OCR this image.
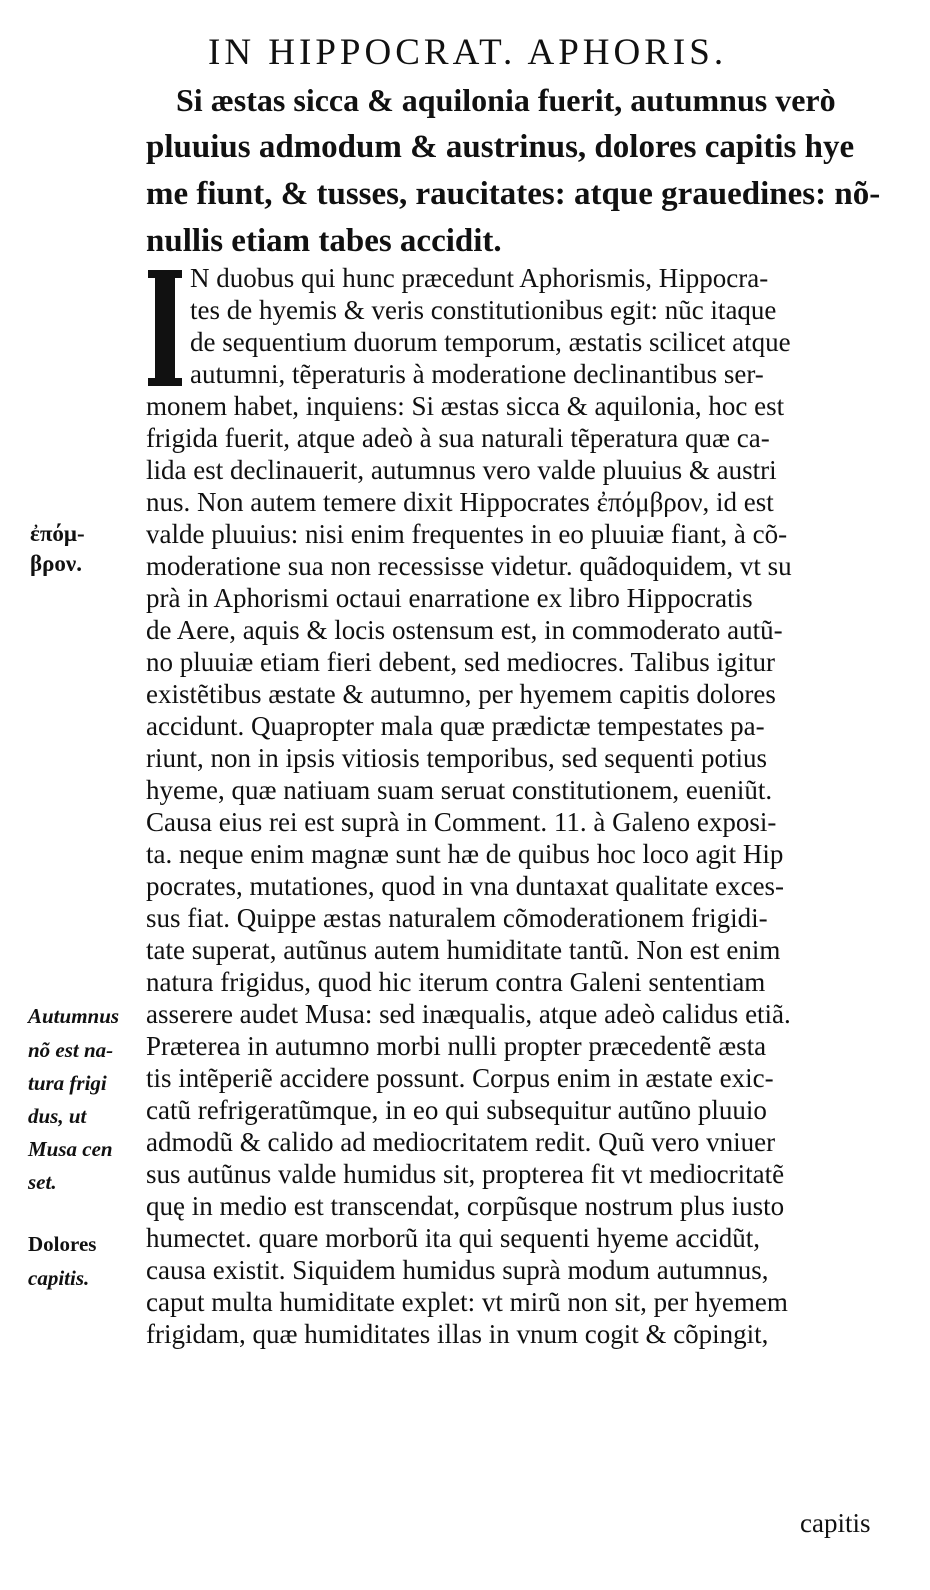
IN HIPPOCRAT. APHORIS.
Si æstas sicca & aquilonia fuerit, autumnus verò
pluuius admodum & austrinus, dolores capitis hye
me fiunt, & tusses, raucitates: atque grauedines: nõ-
nullis etiam tabes accidit.
N duobus qui hunc præcedunt Aphorismis, Hippocra-
tes de hyemis & veris constitutionibus egit: nũc itaque
de sequentium duorum temporum, æstatis scilicet atque
autumni, tẽperaturis à moderatione declinantibus ser-
monem habet, inquiens: Si æstas sicca & aquilonia, hoc est
frigida fuerit, atque adeò à sua naturali tẽperatura quæ ca-
lida est declinauerit, autumnus vero valde pluuius & austri
nus. Non autem temere dixit Hippocrates ἐπόμβρον, id est
valde pluuius: nisi enim frequentes in eo pluuiæ fiant, à cõ-
moderatione sua non recessisse videtur. quãdoquidem, vt su
prà in Aphorismi octaui enarratione ex libro Hippocratis
de Aere, aquis & locis ostensum est, in commoderato autũ-
no pluuiæ etiam fieri debent, sed mediocres. Talibus igitur
existẽtibus æstate & autumno, per hyemem capitis dolores
accidunt. Quapropter mala quæ prædictæ tempestates pa-
riunt, non in ipsis vitiosis temporibus, sed sequenti potius
hyeme, quæ natiuam suam seruat constitutionem, eueniũt.
Causa eius rei est suprà in Comment. 11. à Galeno exposi-
ta. neque enim magnæ sunt hæ de quibus hoc loco agit Hip
pocrates, mutationes, quod in vna duntaxat qualitate exces-
sus fiat. Quippe æstas naturalem cõmoderationem frigidi-
tate superat, autũnus autem humiditate tantũ. Non est enim
natura frigidus, quod hic iterum contra Galeni sententiam
asserere audet Musa: sed inæqualis, atque adeò calidus etiã.
Præterea in autumno morbi nulli propter præcedentẽ æsta
tis intẽperiẽ accidere possunt. Corpus enim in æstate exic-
catũ refrigeratũmque, in eo qui subsequitur autũno pluuio
admodũ & calido ad mediocritatem redit. Quũ vero vniuer
sus autũnus valde humidus sit, propterea fit vt mediocritatẽ
quę in medio est transcendat, corpũsque nostrum plus iusto
humectet. quare morborũ ita qui sequenti hyeme accidũt,
causa existit. Siquidem humidus suprà modum autumnus,
caput multa humiditate explet: vt mirũ non sit, per hyemem
frigidam, quæ humiditates illas in vnum cogit & cõpingit,
ἐπόμ-
βρον.
Autumnus
nõ est na-
tura frigi
dus, ut
Musa cen
set.
Dolores
capitis.
capitis
